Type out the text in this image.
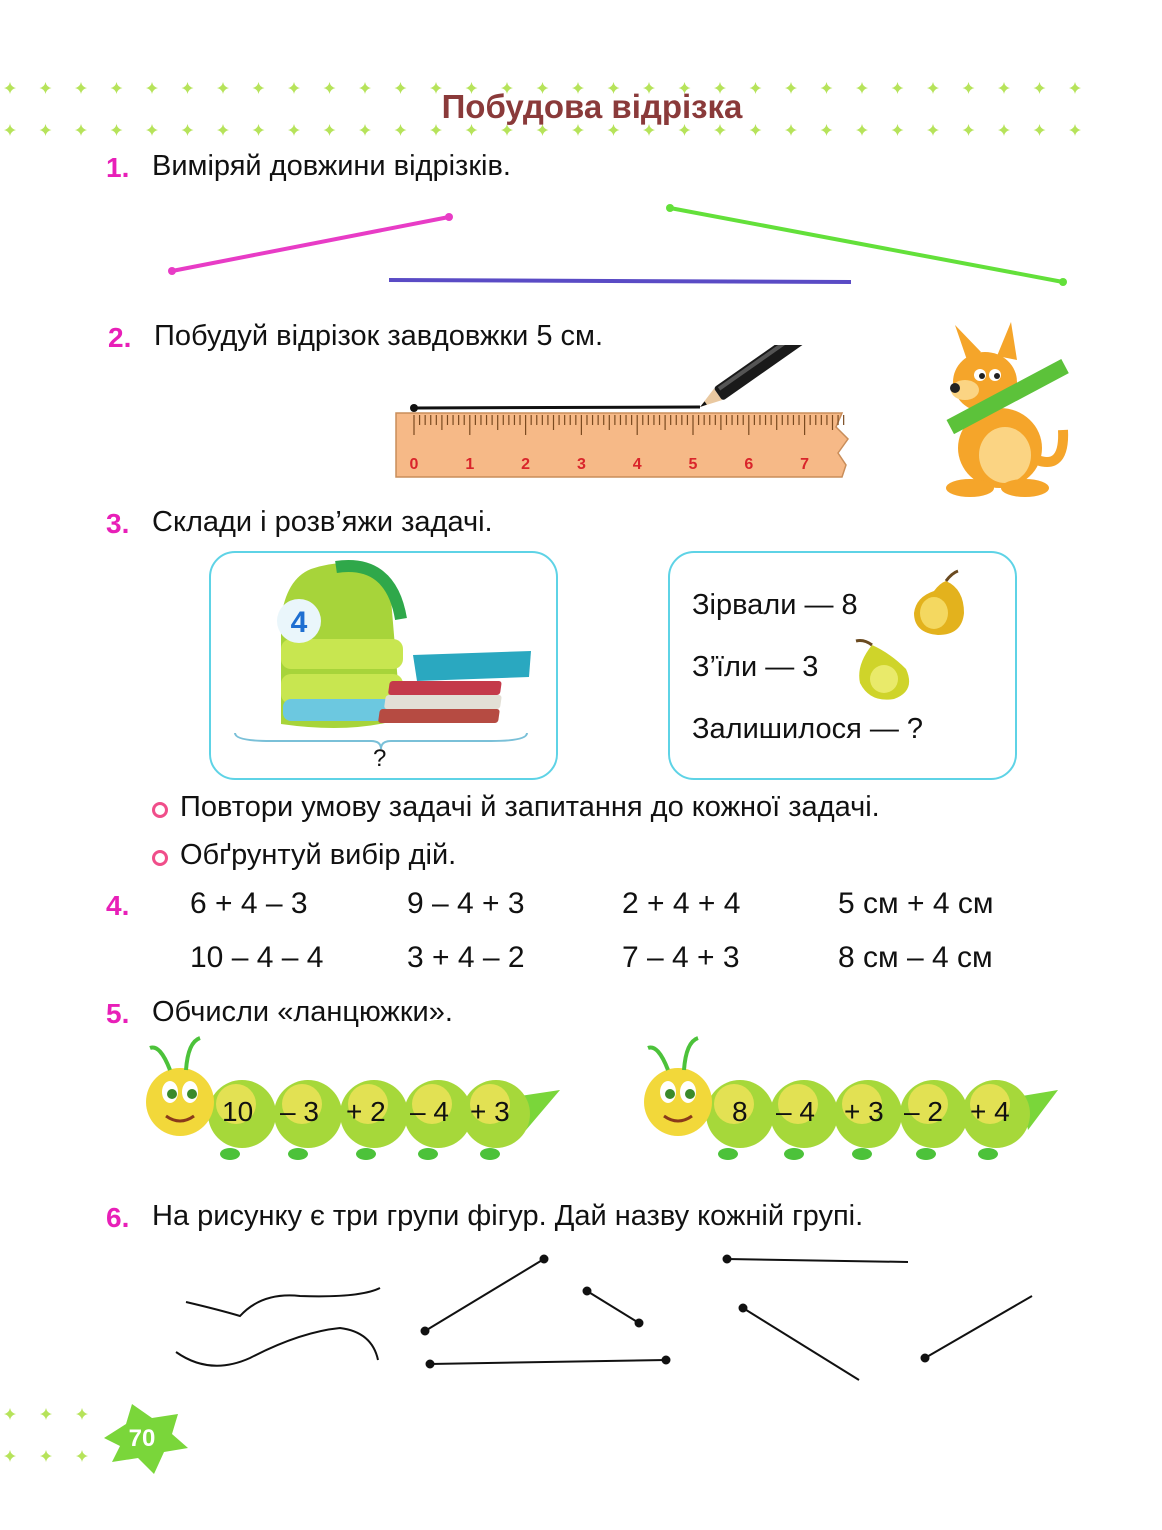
Побудова відрізка
1. Виміряй довжини відрізків.
2. Побудуй відрізок завдовжки 5 см.
0	1	2	3	4	5	6	7
3. Склади і розв’яжи задачі.
4
?
Зірвали — 8
З’їли — 3
Залишилося — ?
Повтори умову задачі й запитання до кожної задачі.
Обґрунтуй вибір дій.
4. 6 + 4 – 3	9 – 4 + 3	2 + 4 + 4	5 см + 4 см
10 – 4 – 4	3 + 4 – 2	7 – 4 + 3	8 см – 4 см
5. Обчисли «ланцюжки».
10 – 3 + 2 – 4 + 3	8 – 4 + 3 – 2 + 4
6. На рисунку є три групи фігур. Дай назву кожній групі.
70
